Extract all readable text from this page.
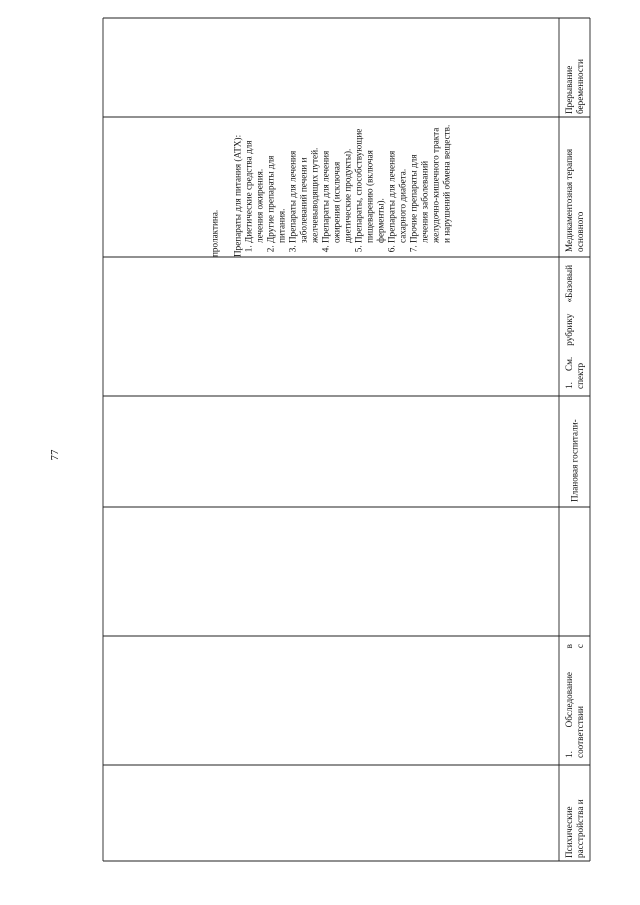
77
Психические расстройства и
1. Обследование в соответствии с
Плановая госпитали-
1. См. рубрику «Базовый спектр
Медикаментозная терапия основного
Прерывание беременности

пролактина. Препараты для питания (АТХ): 1. Диетические средства для лечения ожирения. 2. Другие препараты для питания. 3. Препараты для лечения заболеваний печени и желчевыводящих путей. 4. Препараты для лечения ожирения (исключая диетические продукты). 5. Препараты, способствующие пищеварению (включая ферменты). 6. Препараты для лечения сахарного диабета. 7. Прочие препараты для лечения заболеваний желудочно-кишечного тракта и нарушений обмена веществ.
